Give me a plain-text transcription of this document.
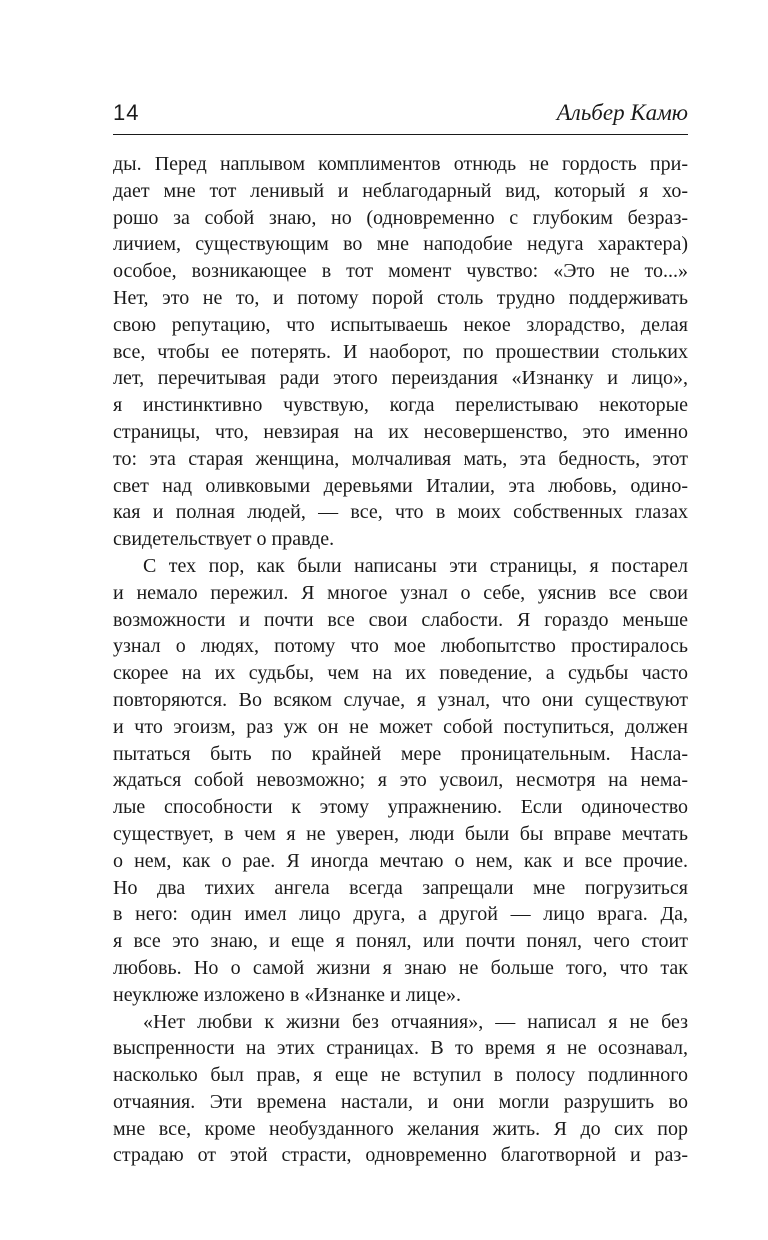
14	Альбер Камю
ды. Перед наплывом комплиментов отнюдь не гордость при-
дает мне тот ленивый и неблагодарный вид, который я хо-
рошо за собой знаю, но (одновременно с глубоким безраз-
личием, существующим во мне наподобие недуга характера)
особое, возникающее в тот момент чувство: «Это не то...»
Нет, это не то, и потому порой столь трудно поддерживать
свою репутацию, что испытываешь некое злорадство, делая
все, чтобы ее потерять. И наоборот, по прошествии стольких
лет, перечитывая ради этого переиздания «Изнанку и лицо»,
я инстинктивно чувствую, когда перелистываю некоторые
страницы, что, невзирая на их несовершенство, это именно
то: эта старая женщина, молчаливая мать, эта бедность, этот
свет над оливковыми деревьями Италии, эта любовь, одино-
кая и полная людей, — все, что в моих собственных глазах
свидетельствует о правде.
С тех пор, как были написаны эти страницы, я постарел
и немало пережил. Я многое узнал о себе, уяснив все свои
возможности и почти все свои слабости. Я гораздо меньше
узнал о людях, потому что мое любопытство простиралось
скорее на их судьбы, чем на их поведение, а судьбы часто
повторяются. Во всяком случае, я узнал, что они существуют
и что эгоизм, раз уж он не может собой поступиться, должен
пытаться быть по крайней мере проницательным. Насла-
ждаться собой невозможно; я это усвоил, несмотря на нема-
лые способности к этому упражнению. Если одиночество
существует, в чем я не уверен, люди были бы вправе мечтать
о нем, как о рае. Я иногда мечтаю о нем, как и все прочие.
Но два тихих ангела всегда запрещали мне погрузиться
в него: один имел лицо друга, а другой — лицо врага. Да,
я все это знаю, и еще я понял, или почти понял, чего стоит
любовь. Но о самой жизни я знаю не больше того, что так
неуклюже изложено в «Изнанке и лице».
«Нет любви к жизни без отчаяния», — написал я не без
выспренности на этих страницах. В то время я не осознавал,
насколько был прав, я еще не вступил в полосу подлинного
отчаяния. Эти времена настали, и они могли разрушить во
мне все, кроме необузданного желания жить. Я до сих пор
страдаю от этой страсти, одновременно благотворной и раз-
